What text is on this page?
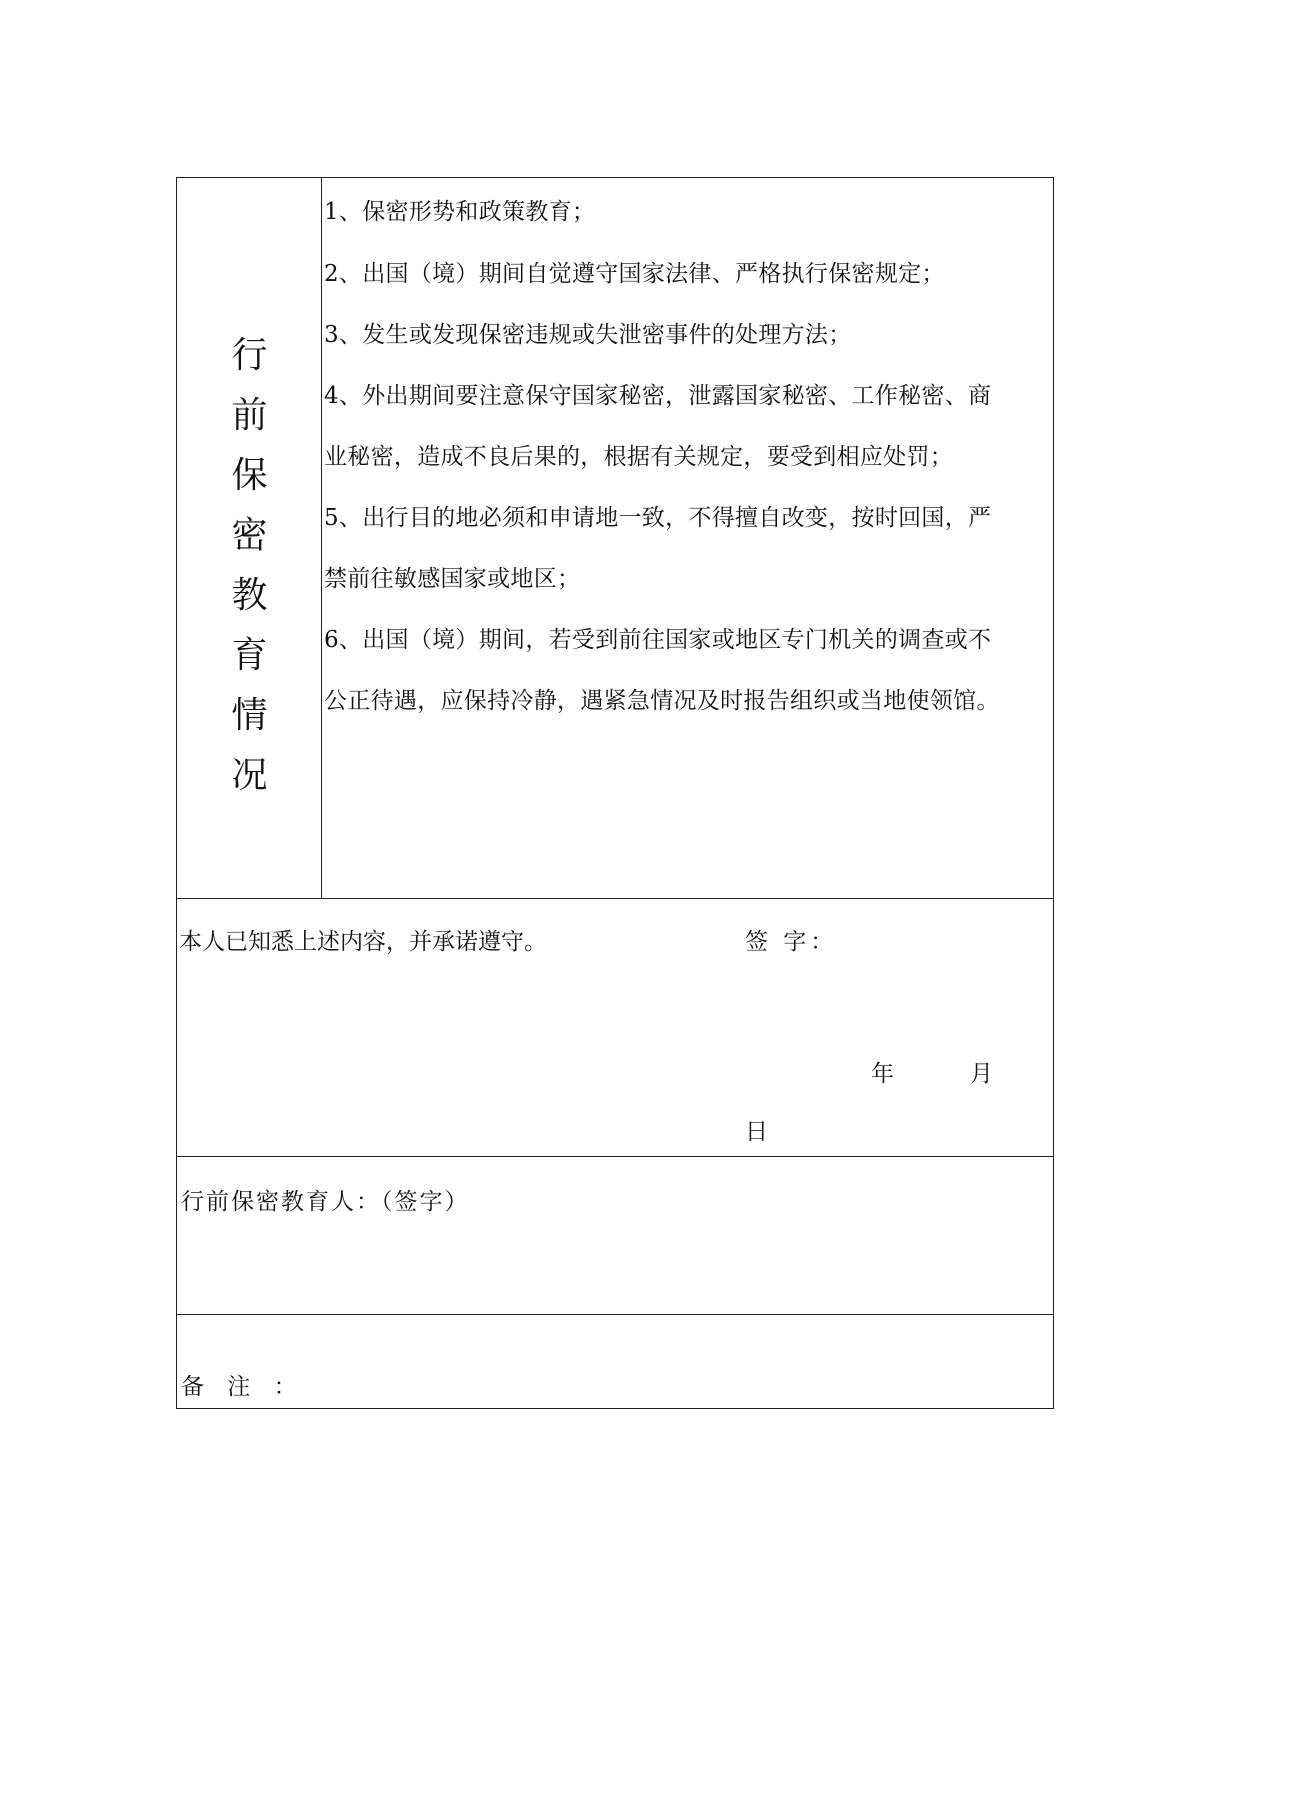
行
前
保
密
教
育
情
况
1、保密形势和政策教育；
2、出国（境）期间自觉遵守国家法律、严格执行保密规定；
3、发生或发现保密违规或失泄密事件的处理方法；
4、外出期间要注意保守国家秘密，泄露国家秘密、工作秘密、商
业秘密，造成不良后果的，根据有关规定，要受到相应处罚；
5、出行目的地必须和申请地一致，不得擅自改变，按时回国，严
禁前往敏感国家或地区；
6、出国（境）期间，若受到前往国家或地区专门机关的调查或不
公正待遇，应保持冷静，遇紧急情况及时报告组织或当地使领馆。
本人已知悉上述内容，并承诺遵守。	签 字：
年	月
日
行前保密教育人：（签字）
备 注 ：
